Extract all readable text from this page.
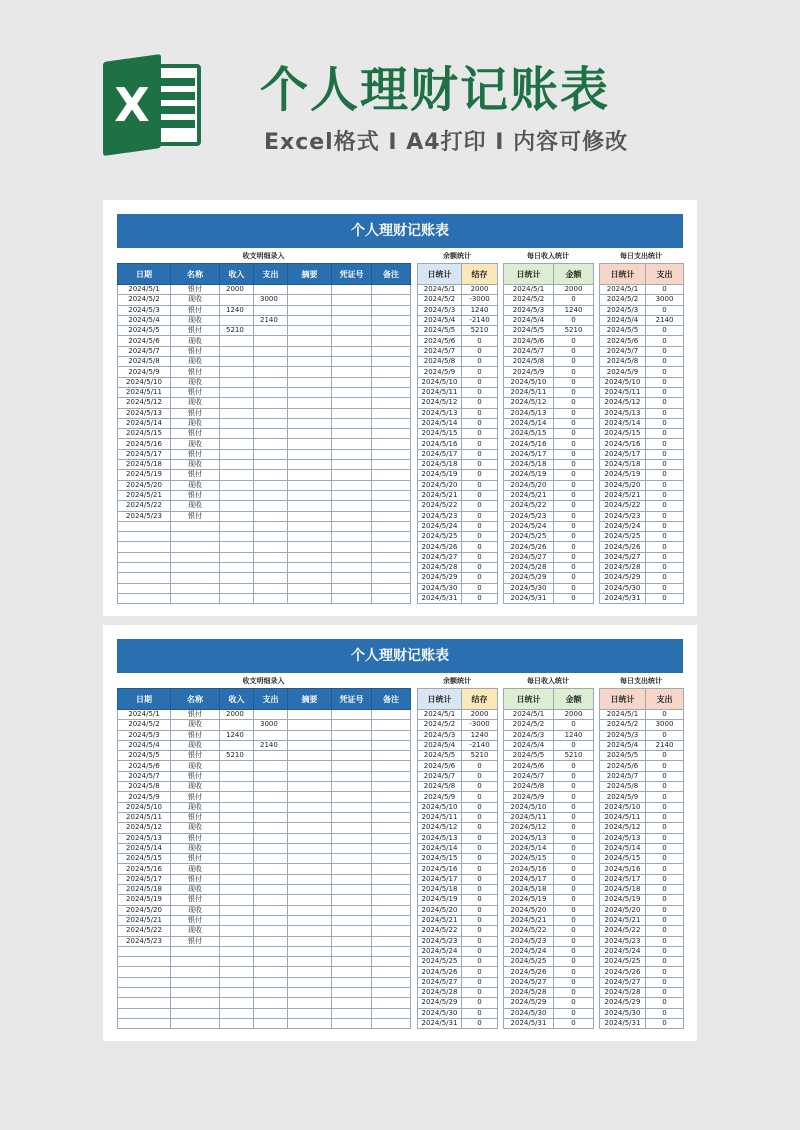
X 个人理财记账表
Excel格式 I A4打印 I 内容可修改
个人理财记账表
收支明细录入	余额统计	每日收入统计	每日支出统计
日期	名称	收入	支出	摘要	凭证号	备注
2024/5/1	银付	2000				
2024/5/2	现收		3000			
2024/5/3	银付	1240				
2024/5/4	现收		2140			
2024/5/5	银付	5210				
2024/5/6	现收					
2024/5/7	银付					
2024/5/8	现收					
2024/5/9	银付					
2024/5/10	现收					
2024/5/11	银付					
2024/5/12	现收					
2024/5/13	银付					
2024/5/14	现收					
2024/5/15	银付					
2024/5/16	现收					
2024/5/17	银付					
2024/5/18	现收					
2024/5/19	银付					
2024/5/20	现收					
2024/5/21	银付					
2024/5/22	现收					
2024/5/23	银付					

日统计	结存
2024/5/1	2000
2024/5/2	-3000
2024/5/3	1240
2024/5/4	-2140
2024/5/5	5210
2024/5/6	0
2024/5/7	0
2024/5/8	0
2024/5/9	0
2024/5/10	0
2024/5/11	0
2024/5/12	0
2024/5/13	0
2024/5/14	0
2024/5/15	0
2024/5/16	0
2024/5/17	0
2024/5/18	0
2024/5/19	0
2024/5/20	0
2024/5/21	0
2024/5/22	0
2024/5/23	0
2024/5/24	0
2024/5/25	0
2024/5/26	0
2024/5/27	0
2024/5/28	0
2024/5/29	0
2024/5/30	0
2024/5/31	0
日统计	金额
2024/5/1	2000
2024/5/2	0
2024/5/3	1240
2024/5/4	0
2024/5/5	5210
2024/5/6	0
2024/5/7	0
2024/5/8	0
2024/5/9	0
2024/5/10	0
2024/5/11	0
2024/5/12	0
2024/5/13	0
2024/5/14	0
2024/5/15	0
2024/5/16	0
2024/5/17	0
2024/5/18	0
2024/5/19	0
2024/5/20	0
2024/5/21	0
2024/5/22	0
2024/5/23	0
2024/5/24	0
2024/5/25	0
2024/5/26	0
2024/5/27	0
2024/5/28	0
2024/5/29	0
2024/5/30	0
2024/5/31	0
日统计	支出
2024/5/1	0
2024/5/2	3000
2024/5/3	0
2024/5/4	2140
2024/5/5	0
2024/5/6	0
2024/5/7	0
2024/5/8	0
2024/5/9	0
2024/5/10	0
2024/5/11	0
2024/5/12	0
2024/5/13	0
2024/5/14	0
2024/5/15	0
2024/5/16	0
2024/5/17	0
2024/5/18	0
2024/5/19	0
2024/5/20	0
2024/5/21	0
2024/5/22	0
2024/5/23	0
2024/5/24	0
2024/5/25	0
2024/5/26	0
2024/5/27	0
2024/5/28	0
2024/5/29	0
2024/5/30	0
2024/5/31	0
个人理财记账表
收支明细录入	余额统计	每日收入统计	每日支出统计
日期	名称	收入	支出	摘要	凭证号	备注
2024/5/1	银付	2000				
2024/5/2	现收		3000			
2024/5/3	银付	1240				
2024/5/4	现收		2140			
2024/5/5	银付	5210				
2024/5/6	现收					
2024/5/7	银付					
2024/5/8	现收					
2024/5/9	银付					
2024/5/10	现收					
2024/5/11	银付					
2024/5/12	现收					
2024/5/13	银付					
2024/5/14	现收					
2024/5/15	银付					
2024/5/16	现收					
2024/5/17	银付					
2024/5/18	现收					
2024/5/19	银付					
2024/5/20	现收					
2024/5/21	银付					
2024/5/22	现收					
2024/5/23	银付					

日统计	结存
2024/5/1	2000
2024/5/2	-3000
2024/5/3	1240
2024/5/4	-2140
2024/5/5	5210
2024/5/6	0
2024/5/7	0
2024/5/8	0
2024/5/9	0
2024/5/10	0
2024/5/11	0
2024/5/12	0
2024/5/13	0
2024/5/14	0
2024/5/15	0
2024/5/16	0
2024/5/17	0
2024/5/18	0
2024/5/19	0
2024/5/20	0
2024/5/21	0
2024/5/22	0
2024/5/23	0
2024/5/24	0
2024/5/25	0
2024/5/26	0
2024/5/27	0
2024/5/28	0
2024/5/29	0
2024/5/30	0
2024/5/31	0
日统计	金额
2024/5/1	2000
2024/5/2	0
2024/5/3	1240
2024/5/4	0
2024/5/5	5210
2024/5/6	0
2024/5/7	0
2024/5/8	0
2024/5/9	0
2024/5/10	0
2024/5/11	0
2024/5/12	0
2024/5/13	0
2024/5/14	0
2024/5/15	0
2024/5/16	0
2024/5/17	0
2024/5/18	0
2024/5/19	0
2024/5/20	0
2024/5/21	0
2024/5/22	0
2024/5/23	0
2024/5/24	0
2024/5/25	0
2024/5/26	0
2024/5/27	0
2024/5/28	0
2024/5/29	0
2024/5/30	0
2024/5/31	0
日统计	支出
2024/5/1	0
2024/5/2	3000
2024/5/3	0
2024/5/4	2140
2024/5/5	0
2024/5/6	0
2024/5/7	0
2024/5/8	0
2024/5/9	0
2024/5/10	0
2024/5/11	0
2024/5/12	0
2024/5/13	0
2024/5/14	0
2024/5/15	0
2024/5/16	0
2024/5/17	0
2024/5/18	0
2024/5/19	0
2024/5/20	0
2024/5/21	0
2024/5/22	0
2024/5/23	0
2024/5/24	0
2024/5/25	0
2024/5/26	0
2024/5/27	0
2024/5/28	0
2024/5/29	0
2024/5/30	0
2024/5/31	0
